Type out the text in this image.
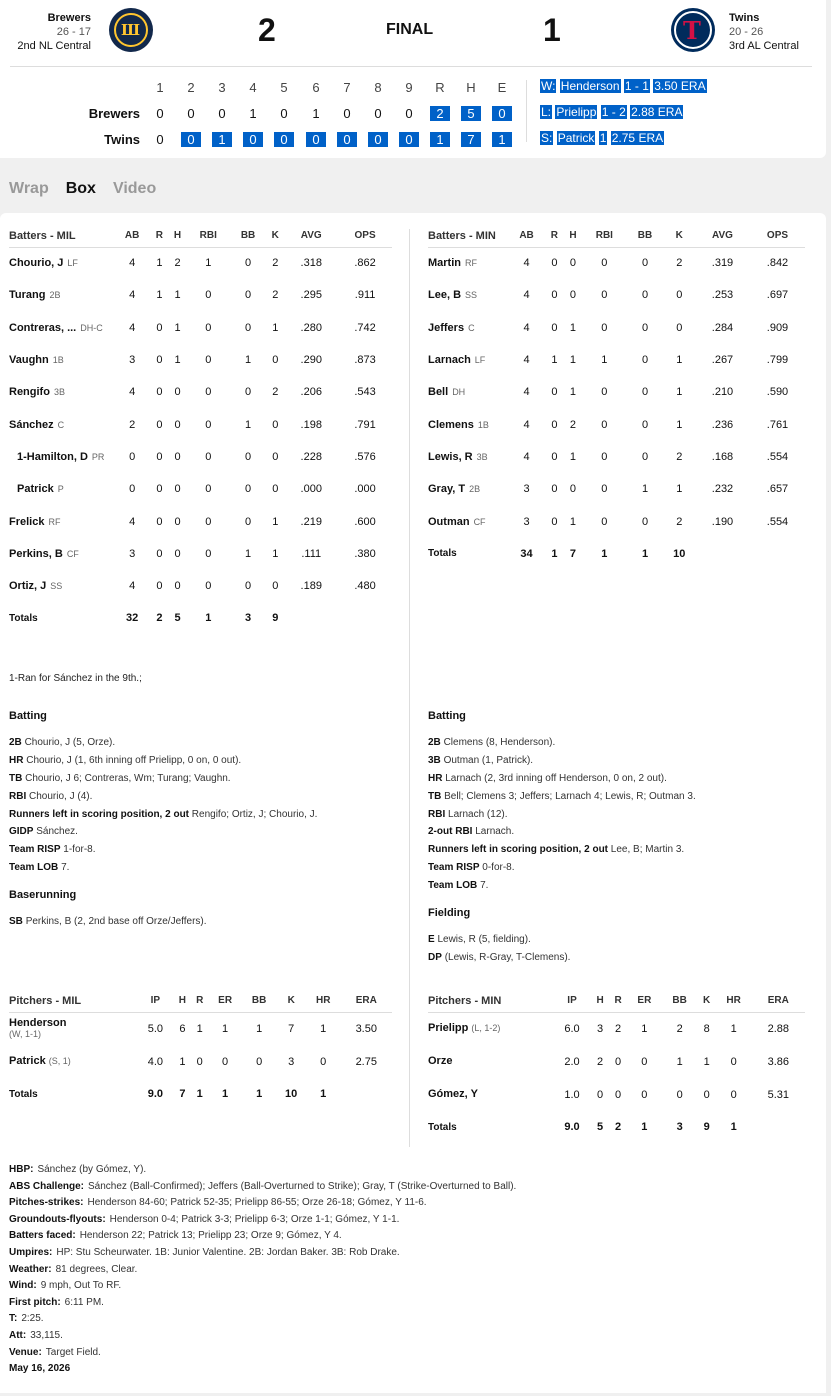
Brewers
26 - 17
2nd NL Central
Ш	2	FINAL	1	T	Twins
20 - 26
3rd AL Central
1	2	3	4	5	6	7	8	9	R	H	E
Brewers	0	0	0	1	0	1	0	0	0	2	5	0
Twins	0	0	1	0	0	0	0	0	0	1	7	1
W: Henderson 1 - 1 3.50 ERA
L: Prielipp 1 - 2 2.88 ERA
S: Patrick 1 2.75 ERA
Wrap Box Video
Batters - MIL	AB	R	H	RBI	BB	K	AVG	OPS
Chourio, J LF	4	1	2	1	0	2	.318	.862
Turang 2B	4	1	1	0	0	2	.295	.911
Contreras, ... DH-C	4	0	1	0	0	1	.280	.742
Vaughn 1B	3	0	1	0	1	0	.290	.873
Rengifo 3B	4	0	0	0	0	2	.206	.543
Sánchez C	2	0	0	0	1	0	.198	.791
1-Hamilton, D PR	0	0	0	0	0	0	.228	.576
Patrick P	0	0	0	0	0	0	.000	.000
Frelick RF	4	0	0	0	0	1	.219	.600
Perkins, B CF	3	0	0	0	1	1	.111	.380
Ortiz, J SS	4	0	0	0	0	0	.189	.480
Totals	32	2	5	1	3	9		
Batters - MIN	AB	R	H	RBI	BB	K	AVG	OPS
Martin RF	4	0	0	0	0	2	.319	.842
Lee, B SS	4	0	0	0	0	0	.253	.697
Jeffers C	4	0	1	0	0	0	.284	.909
Larnach LF	4	1	1	1	0	1	.267	.799
Bell DH	4	0	1	0	0	1	.210	.590
Clemens 1B	4	0	2	0	0	1	.236	.761
Lewis, R 3B	4	0	1	0	0	2	.168	.554
Gray, T 2B	3	0	0	0	1	1	.232	.657
Outman CF	3	0	1	0	0	2	.190	.554
Totals	34	1	7	1	1	10		
1-Ran for Sánchez in the 9th.;
Batting
2B Chourio, J (5, Orze).
HR Chourio, J (1, 6th inning off Prielipp, 0 on, 0 out).
TB Chourio, J 6; Contreras, Wm; Turang; Vaughn.
RBI Chourio, J (4).
Runners left in scoring position, 2 out Rengifo; Ortiz, J; Chourio, J.
GIDP Sánchez.
Team RISP 1-for-8.
Team LOB 7.
Baserunning
SB Perkins, B (2, 2nd base off Orze/Jeffers).
Batting
2B Clemens (8, Henderson).
3B Outman (1, Patrick).
HR Larnach (2, 3rd inning off Henderson, 0 on, 2 out).
TB Bell; Clemens 3; Jeffers; Larnach 4; Lewis, R; Outman 3.
RBI Larnach (12).
2-out RBI Larnach.
Runners left in scoring position, 2 out Lee, B; Martin 3.
Team RISP 0-for-8.
Team LOB 7.
Fielding
E Lewis, R (5, fielding).
DP (Lewis, R-Gray, T-Clemens).
Pitchers - MIL	IP	H	R	ER	BB	K	HR	ERA
Henderson
(W, 1-1)	5.0	6	1	1	1	7	1	3.50
Patrick (S, 1)	4.0	1	0	0	0	3	0	2.75
Totals	9.0	7	1	1	1	10	1	
Pitchers - MIN	IP	H	R	ER	BB	K	HR	ERA
Prielipp (L, 1-2)	6.0	3	2	1	2	8	1	2.88
Orze	2.0	2	0	0	1	1	0	3.86
Gómez, Y	1.0	0	0	0	0	0	0	5.31
Totals	9.0	5	2	1	3	9	1	
HBP: Sánchez (by Gómez, Y).
ABS Challenge: Sánchez (Ball-Confirmed); Jeffers (Ball-Overturned to Strike); Gray, T (Strike-Overturned to Ball).
Pitches-strikes: Henderson 84-60; Patrick 52-35; Prielipp 86-55; Orze 26-18; Gómez, Y 11-6.
Groundouts-flyouts: Henderson 0-4; Patrick 3-3; Prielipp 6-3; Orze 1-1; Gómez, Y 1-1.
Batters faced: Henderson 22; Patrick 13; Prielipp 23; Orze 9; Gómez, Y 4.
Umpires: HP: Stu Scheurwater. 1B: Junior Valentine. 2B: Jordan Baker. 3B: Rob Drake.
Weather: 81 degrees, Clear.
Wind: 9 mph, Out To RF.
First pitch: 6:11 PM.
T: 2:25.
Att: 33,115.
Venue: Target Field.
May 16, 2026
